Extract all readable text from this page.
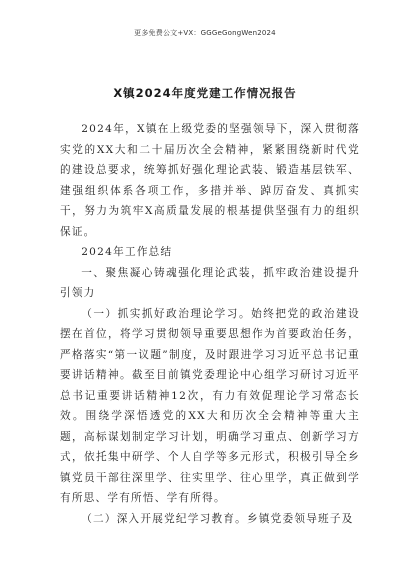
更多免费公文+VX：GGGeGongWen2024
X镇2024年度党建工作情况报告

2024年，X镇在上级党委的坚强领导下，深入贯彻落实党的XX大和二十届历次全会精神，紧紧围绕新时代党的建设总要求，统筹抓好强化理论武装、锻造基层铁军、建强组织体系各项工作，多措并举、踔厉奋发、真抓实干，努力为筑牢X高质量发展的根基提供坚强有力的组织保证。

2024年工作总结

一、聚焦凝心铸魂强化理论武装，抓牢政治建设提升引领力

（一）抓实抓好政治理论学习。始终把党的政治建设摆在首位，将学习贯彻领导重要思想作为首要政治任务，严格落实“第一议题”制度，及时跟进学习习近平总书记重要讲话精神。截至目前镇党委理论中心组学习研讨习近平总书记重要讲话精神12次，有力有效促理论学习常态长效。围绕学深悟透党的XX大和历次全会精神等重大主题，高标谋划制定学习计划，明确学习重点、创新学习方式，依托集中研学、个人自学等多元形式，积极引导全乡镇党员干部往深里学、往实里学、往心里学，真正做到学有所思、学有所悟、学有所得。

（二）深入开展党纪学习教育。乡镇党委领导班子及
